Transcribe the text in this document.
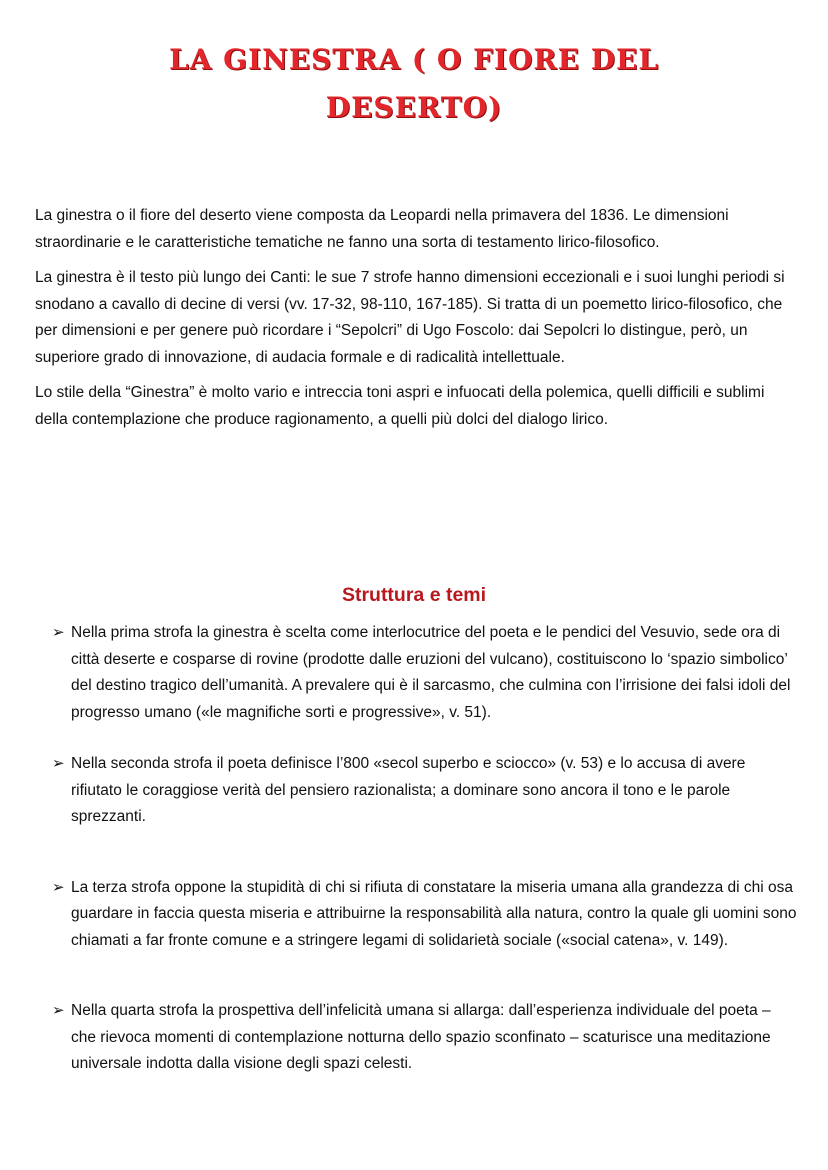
LA GINESTRA ( O FIORE DEL DESERTO)

La ginestra o il fiore del deserto viene composta da Leopardi nella primavera del 1836. Le dimensioni straordinarie e le caratteristiche tematiche ne fanno una sorta di testamento lirico-filosofico.

La ginestra è il testo più lungo dei Canti: le sue 7 strofe hanno dimensioni eccezionali e i suoi lunghi periodi si snodano a cavallo di decine di versi (vv. 17-32, 98-110, 167-185). Si tratta di un poemetto lirico-filosofico, che per dimensioni e per genere può ricordare i “Sepolcri” di Ugo Foscolo: dai Sepolcri lo distingue, però, un superiore grado di innovazione, di audacia formale e di radicalità intellettuale.

Lo stile della “Ginestra” è molto vario e intreccia toni aspri e infuocati della polemica, quelli difficili e sublimi della contemplazione che produce ragionamento, a quelli più dolci del dialogo lirico.

Struttura e temi
➢ Nella prima strofa la ginestra è scelta come interlocutrice del poeta e le pendici del Vesuvio, sede ora di città deserte e cosparse di rovine (prodotte dalle eruzioni del vulcano), costituiscono lo ‘spazio simbolico’ del destino tragico dell’umanità. A prevalere qui è il sarcasmo, che culmina con l’irrisione dei falsi idoli del progresso umano («le magnifiche sorti e progressive», v. 51).
➢ Nella seconda strofa il poeta definisce l’800 «secol superbo e sciocco» (v. 53) e lo accusa di avere rifiutato le coraggiose verità del pensiero razionalista; a dominare sono ancora il tono e le parole sprezzanti.
➢ La terza strofa oppone la stupidità di chi si rifiuta di constatare la miseria umana alla grandezza di chi osa guardare in faccia questa miseria e attribuirne la responsabilità alla natura, contro la quale gli uomini sono chiamati a far fronte comune e a stringere legami di solidarietà sociale («social catena», v. 149).
➢ Nella quarta strofa la prospettiva dell’infelicità umana si allarga: dall’esperienza individuale del poeta – che rievoca momenti di contemplazione notturna dello spazio sconfinato – scaturisce una meditazione universale indotta dalla visione degli spazi celesti.
